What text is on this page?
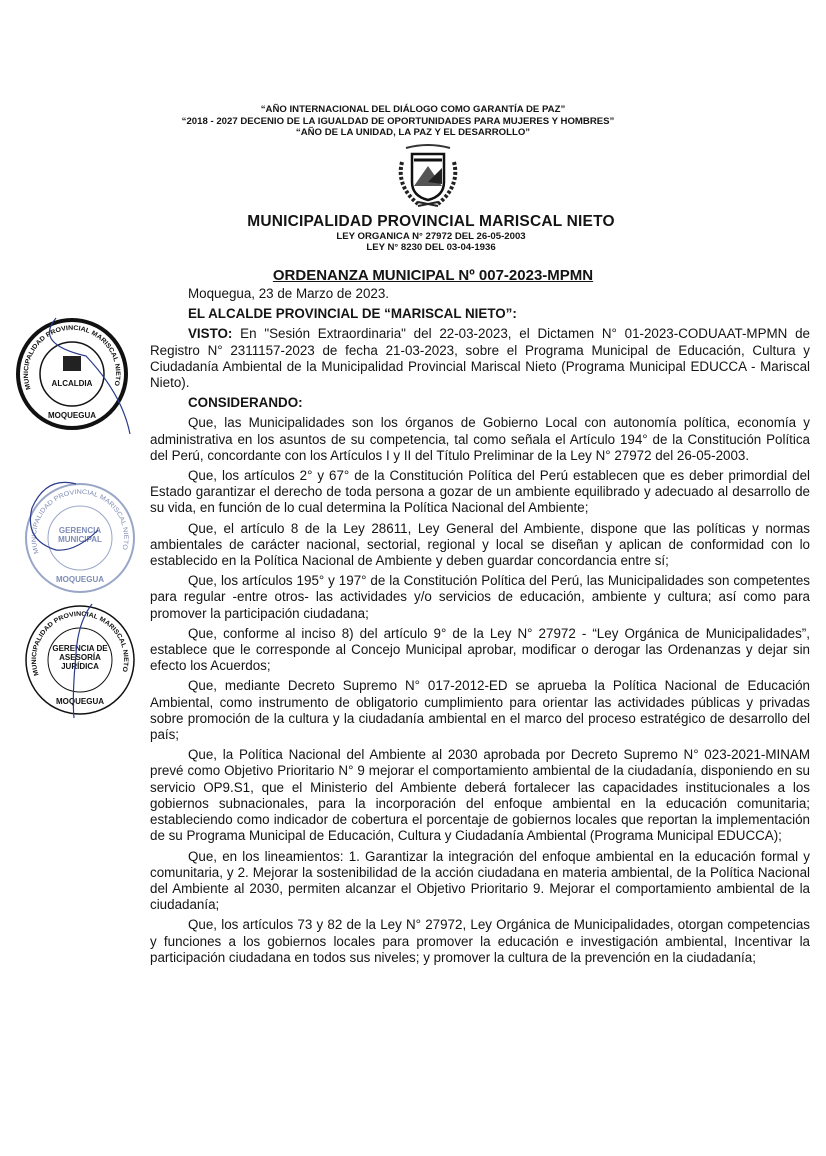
“AÑO INTERNACIONAL DEL DIÁLOGO COMO GARANTÍA DE PAZ”
“2018 - 2027 DECENIO DE LA IGUALDAD DE OPORTUNIDADES PARA MUJERES Y HOMBRES”
“AÑO DE LA UNIDAD, LA PAZ Y EL DESARROLLO”
MUNICIPALIDAD PROVINCIAL MARISCAL NIETO
LEY ORGANICA N° 27972 DEL 26-05-2003
LEY N° 8230 DEL 03-04-1936
ORDENANZA MUNICIPAL Nº 007-2023-MPMN

Moquegua, 23 de Marzo de 2023.

EL ALCALDE PROVINCIAL DE “MARISCAL NIETO”:

VISTO: En "Sesión Extraordinaria" del 22-03-2023, el Dictamen N° 01-2023-CODUAAT-MPMN de Registro N° 2311157-2023 de fecha 21-03-2023, sobre el Programa Municipal de Educación, Cultura y Ciudadanía Ambiental de la Municipalidad Provincial Mariscal Nieto (Programa Municipal EDUCCA - Mariscal Nieto).

CONSIDERANDO:

Que, las Municipalidades son los órganos de Gobierno Local con autonomía política, economía y administrativa en los asuntos de su competencia, tal como señala el Artículo 194° de la Constitución Política del Perú, concordante con los Artículos I y II del Título Preliminar de la Ley N° 27972 del 26-05-2003.

Que, los artículos 2° y 67° de la Constitución Política del Perú establecen que es deber primordial del Estado garantizar el derecho de toda persona a gozar de un ambiente equilibrado y adecuado al desarrollo de su vida, en función de lo cual determina la Política Nacional del Ambiente;

Que, el artículo 8 de la Ley 28611, Ley General del Ambiente, dispone que las políticas y normas ambientales de carácter nacional, sectorial, regional y local se diseñan y aplican de conformidad con lo establecido en la Política Nacional de Ambiente y deben guardar concordancia entre sí;

Que, los artículos 195° y 197° de la Constitución Política del Perú, las Municipalidades son competentes para regular -entre otros- las actividades y/o servicios de educación, ambiente y cultura; así como para promover la participación ciudadana;

Que, conforme al inciso 8) del artículo 9° de la Ley N° 27972 - “Ley Orgánica de Municipalidades”, establece que le corresponde al Concejo Municipal aprobar, modificar o derogar las Ordenanzas y dejar sin efecto los Acuerdos;

Que, mediante Decreto Supremo N° 017-2012-ED se aprueba la Política Nacional de Educación Ambiental, como instrumento de obligatorio cumplimiento para orientar las actividades públicas y privadas sobre promoción de la cultura y la ciudadanía ambiental en el marco del proceso estratégico de desarrollo del país;

Que, la Política Nacional del Ambiente al 2030 aprobada por Decreto Supremo N° 023-2021-MINAM prevé como Objetivo Prioritario N° 9 mejorar el comportamiento ambiental de la ciudadanía, disponiendo en su servicio OP9.S1, que el Ministerio del Ambiente deberá fortalecer las capacidades institucionales a los gobiernos subnacionales, para la incorporación del enfoque ambiental en la educación comunitaria; estableciendo como indicador de cobertura el porcentaje de gobiernos locales que reportan la implementación de su Programa Municipal de Educación, Cultura y Ciudadanía Ambiental (Programa Municipal EDUCCA);

Que, en los lineamientos: 1. Garantizar la integración del enfoque ambiental en la educación formal y comunitaria, y 2. Mejorar la sostenibilidad de la acción ciudadana en materia ambiental, de la Política Nacional del Ambiente al 2030, permiten alcanzar el Objetivo Prioritario 9. Mejorar el comportamiento ambiental de la ciudadanía;

Que, los artículos 73 y 82 de la Ley N° 27972, Ley Orgánica de Municipalidades, otorgan competencias y funciones a los gobiernos locales para promover la educación e investigación ambiental, Incentivar la participación ciudadana en todos sus niveles; y promover la cultura de la prevención en la ciudadanía;

MUNICIPALIDAD PROVINCIAL MARISCAL NIETO
ALCALDIA
MOQUEGUA
MUNICIPALIDAD PROVINCIAL MARISCAL NIETO
GERENCIA MUNICIPAL
MOQUEGUA
MUNICIPALIDAD PROVINCIAL MARISCAL NIETO
GERENCIA DE ASESORÍA JURÍDICA
MOQUEGUA
